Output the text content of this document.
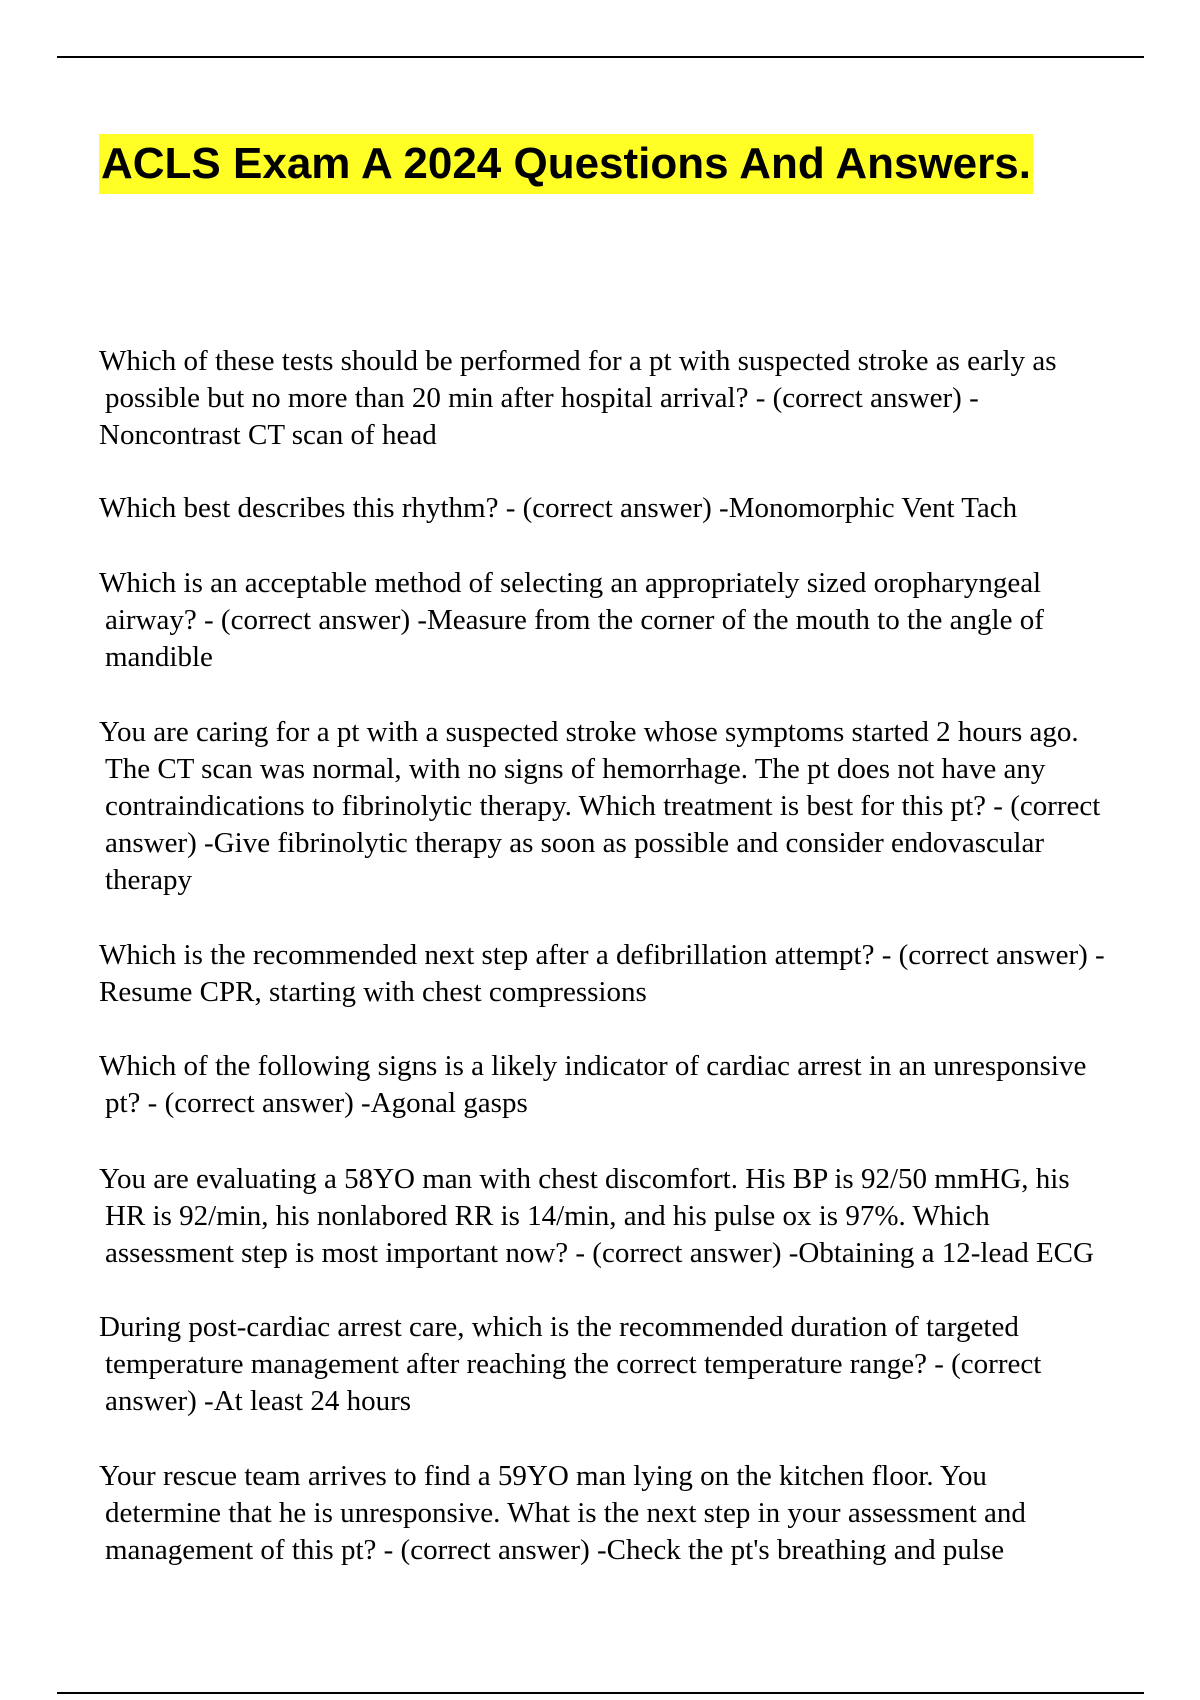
ACLS Exam A 2024 Questions And Answers.
Which of these tests should be performed for a pt with suspected stroke as early as
possible but no more than 20 min after hospital arrival? - (correct answer) -
Noncontrast CT scan of head
Which best describes this rhythm? - (correct answer) -Monomorphic Vent Tach
Which is an acceptable method of selecting an appropriately sized oropharyngeal
airway? - (correct answer) -Measure from the corner of the mouth to the angle of
mandible
You are caring for a pt with a suspected stroke whose symptoms started 2 hours ago.
The CT scan was normal, with no signs of hemorrhage. The pt does not have any
contraindications to fibrinolytic therapy. Which treatment is best for this pt? - (correct
answer) -Give fibrinolytic therapy as soon as possible and consider endovascular
therapy
Which is the recommended next step after a defibrillation attempt? - (correct answer) -
Resume CPR, starting with chest compressions
Which of the following signs is a likely indicator of cardiac arrest in an unresponsive
pt? - (correct answer) -Agonal gasps
You are evaluating a 58YO man with chest discomfort. His BP is 92/50 mmHG, his
HR is 92/min, his nonlabored RR is 14/min, and his pulse ox is 97%. Which
assessment step is most important now? - (correct answer) -Obtaining a 12-lead ECG
During post-cardiac arrest care, which is the recommended duration of targeted
temperature management after reaching the correct temperature range? - (correct
answer) -At least 24 hours
Your rescue team arrives to find a 59YO man lying on the kitchen floor. You
determine that he is unresponsive. What is the next step in your assessment and
management of this pt? - (correct answer) -Check the pt's breathing and pulse
